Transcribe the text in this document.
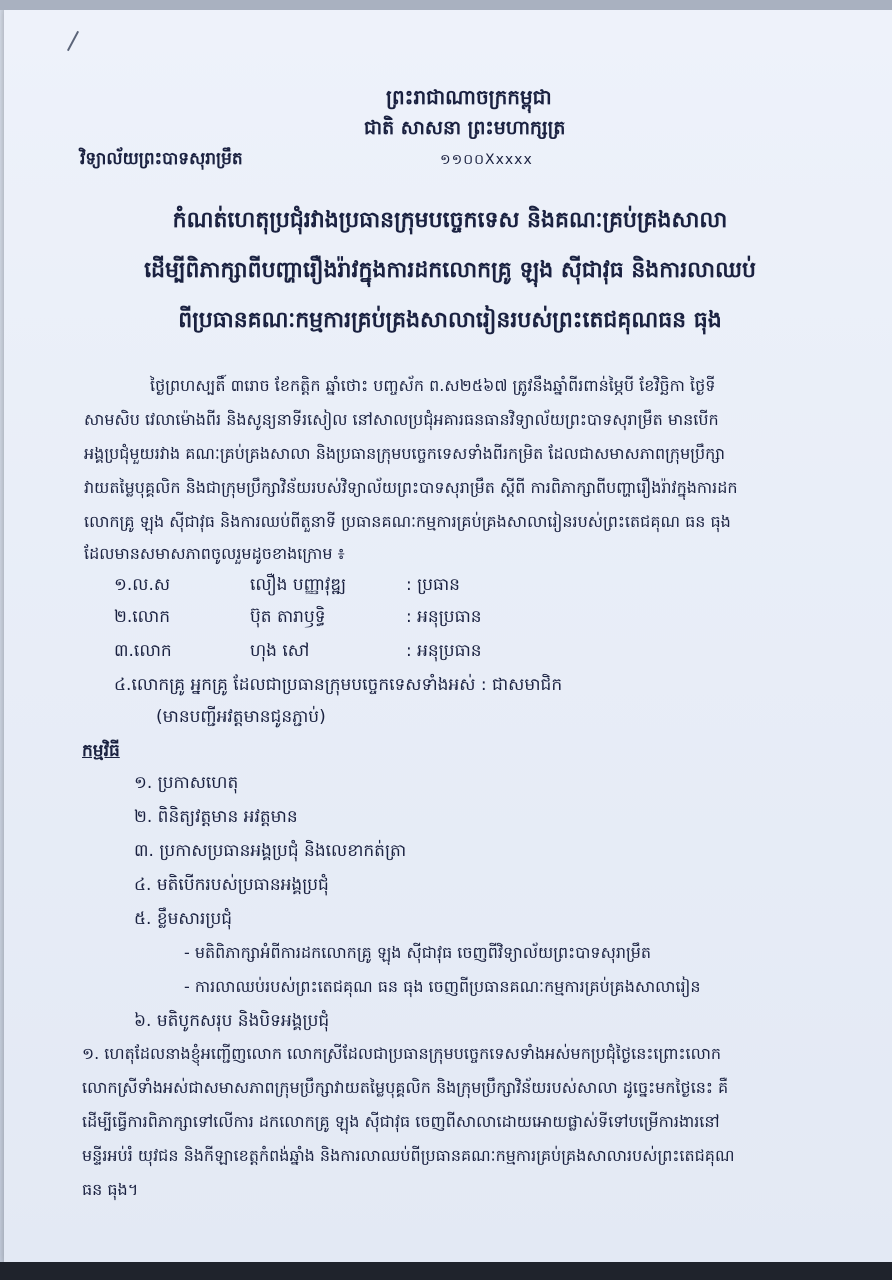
ព្រះរាជាណាចក្រកម្ពុជា
ជាតិ សាសនា ព្រះមហាក្សត្រ
វិទ្យាល័យព្រះបាទសុរាម្រឹត	១១០០Xxxxx
កំណត់ហេតុប្រជុំរវាងប្រធានក្រុមបច្ចេកទេស និងគណៈគ្រប់គ្រងសាលា
ដើម្បីពិភាក្សាពីបញ្ហារឿងរ៉ាវក្នុងការដកលោកគ្រូ ឡុង ស៊ីជាវុធ និងការលាឈប់
ពីប្រធានគណៈកម្មការគ្រប់គ្រងសាលារៀនរបស់ព្រះតេជគុណធន ធុង
ថ្ងៃព្រហស្បតិ៍ ៣រោច ខែកត្តិក ឆ្នាំថោះ បញ្ចស័ក ព.ស២៥៦៧ ត្រូវនឹងឆ្នាំពីរពាន់ម្ភៃបី ខែវិច្ឆិកា ថ្ងៃទី
សាមសិប វេលាម៉ោងពីរ និងសូន្យនាទីរសៀល នៅសាលប្រជុំអគារធនធានវិទ្យាល័យព្រះបាទសុរាម្រឹត មានបើក
អង្គប្រជុំមួយរវាង គណៈគ្រប់គ្រងសាលា និងប្រធានក្រុមបច្ចេកទេសទាំងពីរកម្រិត ដែលជាសមាសភាពក្រុមប្រឹក្សា
វាយតម្លៃបុគ្គលិក និងជាក្រុមប្រឹក្សាវិន័យរបស់វិទ្យាល័យព្រះបាទសុរាម្រឹត ស្តីពី ការពិភាក្សាពីបញ្ហារឿងរ៉ាវក្នុងការដក
លោកគ្រូ ឡុង ស៊ីជាវុធ និងការឈប់ពីតួនាទី ប្រធានគណៈកម្មការគ្រប់គ្រងសាលារៀនរបស់ព្រះតេជគុណ ធន ធុង
ដែលមានសមាសភាពចូលរួមដូចខាងក្រោម ៖
១.ល.ស	លឿង បញ្ញាវុឌ្ឍ	: ប្រធាន
២.លោក	ប៊ុត តារាឫទ្ធិ	: អនុប្រធាន
៣.លោក	ហុង សៅ	: អនុប្រធាន
៤.លោកគ្រូ អ្នកគ្រូ ដែលជាប្រធានក្រុមបច្ចេកទេសទាំងអស់ : ជាសមាជិក
(មានបញ្ជីអវត្តមានជូនភ្ជាប់)
កម្មវិធី
១. ប្រកាសហេតុ
២. ពិនិត្យវត្តមាន អវត្តមាន
៣. ប្រកាសប្រធានអង្គប្រជុំ និងលេខាកត់ត្រា
៤. មតិបើករបស់ប្រធានអង្គប្រជុំ
៥. ខ្លឹមសារប្រជុំ
- មតិពិភាក្សាអំពីការដកលោកគ្រូ ឡុង ស៊ីជាវុធ ចេញពីវិទ្យាល័យព្រះបាទសុរាម្រឹត
- ការលាឈប់របស់ព្រះតេជគុណ ធន ធុង ចេញពីប្រធានគណៈកម្មការគ្រប់គ្រងសាលារៀន
៦. មតិបូកសរុប និងបិទអង្គប្រជុំ
១. ហេតុដែលនាងខ្ញុំអញ្ជើញលោក លោកស្រីដែលជាប្រធានក្រុមបច្ចេកទេសទាំងអស់មកប្រជុំថ្ងៃនេះព្រោះលោក
លោកស្រីទាំងអស់ជាសមាសភាពក្រុមប្រឹក្សាវាយតម្លៃបុគ្គលិក និងក្រុមប្រឹក្សាវិន័យរបស់សាលា ដូច្នេះមកថ្ងៃនេះ គឺ
ដើម្បីធ្វើការពិភាក្សាទៅលើការ ដកលោកគ្រូ ឡុង ស៊ីជាវុធ ចេញពីសាលាដោយអោយផ្លាស់ទីទៅបម្រើការងារនៅ
មន្ទីរអប់រំ យុវជន និងកីឡាខេត្តកំពង់ឆ្នាំង និងការលាឈប់ពីប្រធានគណៈកម្មការគ្រប់គ្រងសាលារបស់ព្រះតេជគុណ
ធន ធុង។
